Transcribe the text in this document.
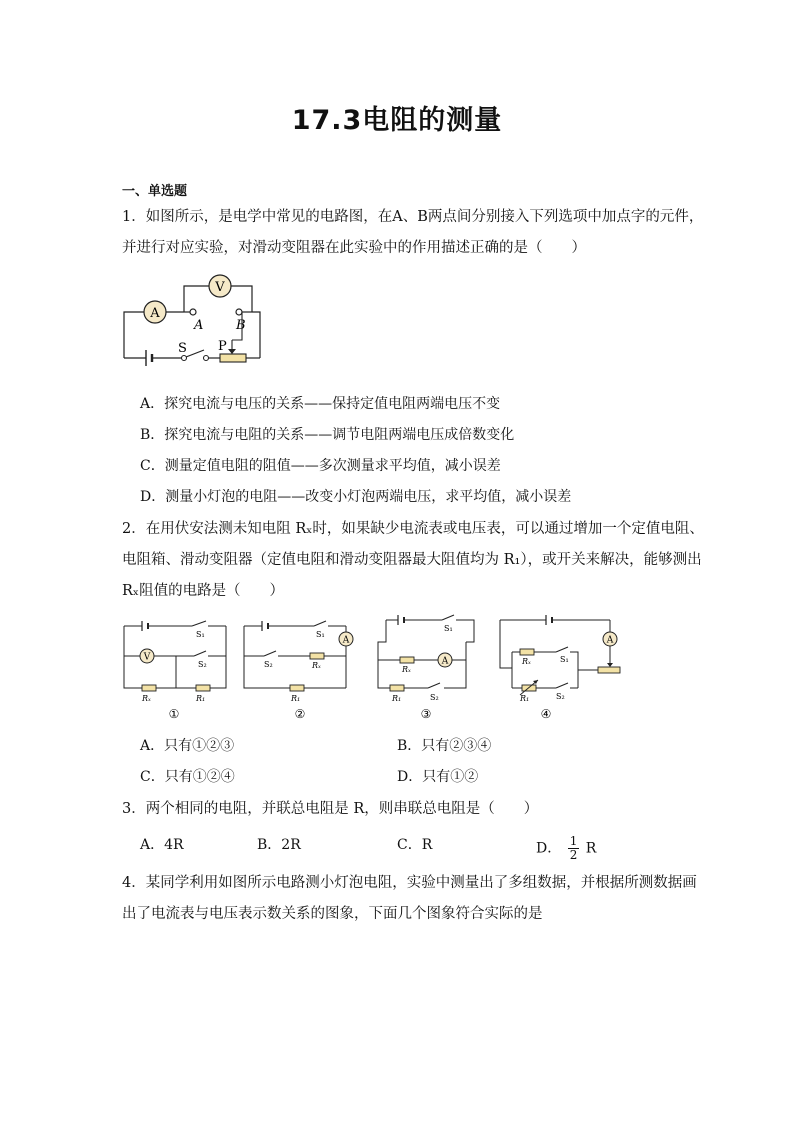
17.3电阻的测量
一、单选题
1．如图所示，是电学中常见的电路图，在A、B两点间分别接入下列选项中加点字的元件，
并进行对应实验，对滑动变阻器在此实验中的作用描述正确的是（　　）
A
V
A	B
S P
A．探究电流与电压的关系——保持定值电阻两端电压不变
B．探究电流与电阻的关系——调节电阻两端电压成倍数变化
C．测量定值电阻的阻值——多次测量求平均值，减小误差
D．测量小灯泡的电阻——改变小灯泡两端电压，求平均值，减小误差
2．在用伏安法测未知电阻 Rₓ时，如果缺少电流表或电压表，可以通过增加一个定值电阻、
电阻箱、滑动变阻器（定值电阻和滑动变阻器最大阻值均为 R₁），或开关来解决，能够测出
Rₓ阻值的电路是（　　）
S₁
V
S₂
Rₓ	R₁
①
S₁
A
S₂	Rₓ
R₁
②
S₁
Rₓ
A
R₁	S₂
③
A
Rₓ	S₁
R₁	S₂
④
A．只有①②③	B．只有②③④
C．只有①②④	D．只有①②
3．两个相同的电阻，并联总电阻是 R，则串联总电阻是（　　）
A．4R	B．2R	C．R	D． $\frac{1}{2}$ R
4．某同学利用如图所示电路测小灯泡电阻，实验中测量出了多组数据，并根据所测数据画
出了电流表与电压表示数关系的图象，下面几个图象符合实际的是
